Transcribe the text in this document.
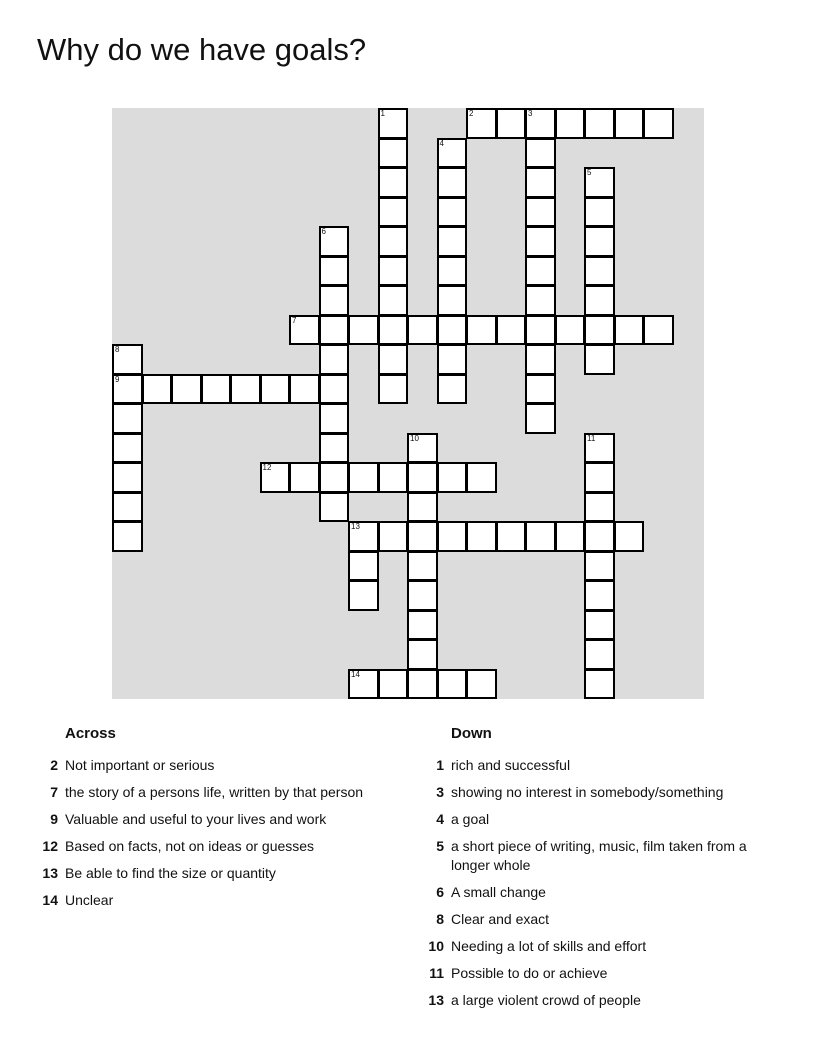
Why do we have goals?
1	2	3
4
5
6
7
8
9
10	11
12
13
14
Across
2 Not important or serious
7 the story of a persons life, written by that person
9 Valuable and useful to your lives and work
12 Based on facts, not on ideas or guesses
13 Be able to find the size or quantity
14 Unclear
Down
1 rich and successful
3 showing no interest in somebody/something
4 a goal
5 a short piece of writing, music, film taken from a longer whole
6 A small change
8 Clear and exact
10 Needing a lot of skills and effort
11 Possible to do or achieve
13 a large violent crowd of people
